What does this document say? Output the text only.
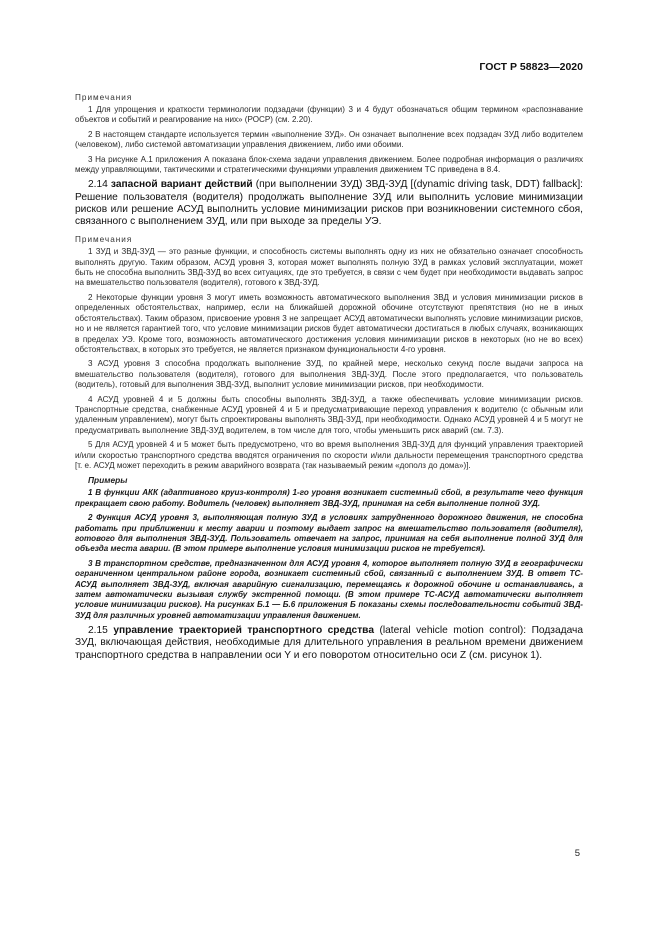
ГОСТ Р 58823—2020
Примечания

1 Для упрощения и краткости терминологии подзадачи (функции) 3 и 4 будут обозначаться общим термином «распознавание объектов и событий и реагирование на них» (РОСР) (см. 2.20).

2 В настоящем стандарте используется термин «выполнение ЗУД». Он означает выполнение всех подзадач ЗУД либо водителем (человеком), либо системой автоматизации управления движением, либо ими обоими.

3 На рисунке А.1 приложения А показана блок-схема задачи управления движением. Более подробная информация о различиях между управляющими, тактическими и стратегическими функциями управления движением ТС приведена в 8.4.

2.14 запасной вариант действий (при выполнении ЗУД) ЗВД-ЗУД [(dynamic driving task, DDT) fallback]: Решение пользователя (водителя) продолжать выполнение ЗУД или выполнить условие минимизации рисков или решение АСУД выполнить условие минимизации рисков при возникновении системного сбоя, связанного с выполнением ЗУД, или при выходе за пределы УЭ.

Примечания

1 ЗУД и ЗВД-ЗУД — это разные функции, и способность системы выполнять одну из них не обязательно означает способность выполнять другую. Таким образом, АСУД уровня 3, которая может выполнять полную ЗУД в рамках условий эксплуатации, может быть не способна выполнить ЗВД-ЗУД во всех ситуациях, где это требуется, в связи с чем будет при необходимости выдавать запрос на вмешательство пользователя (водителя), готового к ЗВД-ЗУД.

2 Некоторые функции уровня 3 могут иметь возможность автоматического выполнения ЗВД и условия минимизации рисков в определенных обстоятельствах, например, если на ближайшей дорожной обочине отсутствуют препятствия (но не в иных обстоятельствах). Таким образом, присвоение уровня 3 не запрещает АСУД автоматически выполнять условие минимизации рисков, но и не является гарантией того, что условие минимизации рисков будет автоматически достигаться в любых случаях, возникающих в пределах УЭ. Кроме того, возможность автоматического достижения условия минимизации рисков в некоторых (но не во всех) обстоятельствах, в которых это требуется, не является признаком функциональности 4-го уровня.

3 АСУД уровня 3 способна продолжать выполнение ЗУД, по крайней мере, несколько секунд после выдачи запроса на вмешательство пользователя (водителя), готового для выполнения ЗВД-ЗУД. После этого предполагается, что пользователь (водитель), готовый для выполнения ЗВД-ЗУД, выполнит условие минимизации рисков, при необходимости.

4 АСУД уровней 4 и 5 должны быть способны выполнять ЗВД-ЗУД, а также обеспечивать условие минимизации рисков. Транспортные средства, снабженные АСУД уровней 4 и 5 и предусматривающие переход управления к водителю (с обычным или удаленным управлением), могут быть спроектированы выполнять ЗВД-ЗУД, при необходимости. Однако АСУД уровней 4 и 5 могут не предусматривать выполнение ЗВД-ЗУД водителем, в том числе для того, чтобы уменьшить риск аварий (см. 7.3).

5 Для АСУД уровней 4 и 5 может быть предусмотрено, что во время выполнения ЗВД-ЗУД для функций управления траекторией и/или скоростью транспортного средства вводятся ограничения по скорости и/или дальности перемещения транспортного средства [т. е. АСУД может переходить в режим аварийного возврата (так называемый режим «дополз до дома»)].

Примеры

1 В функции АКК (адаптивного круиз-контроля) 1-го уровня возникает системный сбой, в результате чего функция прекращает свою работу. Водитель (человек) выполняет ЗВД-ЗУД, принимая на себя выполнение полной ЗУД.

2 Функция АСУД уровня 3, выполняющая полную ЗУД в условиях затрудненного дорожного движения, не способна работать при приближении к месту аварии и поэтому выдает запрос на вмешательство пользователя (водителя), готового для выполнения ЗВД-ЗУД. Пользователь отвечает на запрос, принимая на себя выполнение полной ЗУД для объезда места аварии. (В этом примере выполнение условия минимизации рисков не требуется).

3 В транспортном средстве, предназначенном для АСУД уровня 4, которое выполняет полную ЗУД в географически ограниченном центральном районе города, возникает системный сбой, связанный с выполнением ЗУД. В ответ ТС-АСУД выполняет ЗВД-ЗУД, включая аварийную сигнализацию, перемещаясь к дорожной обочине и останавливаясь, а затем автоматически вызывая службу экстренной помощи. (В этом примере ТС-АСУД автоматически выполняет условие минимизации рисков). На рисунках Б.1 — Б.6 приложения Б показаны схемы последовательности событий ЗВД-ЗУД для различных уровней автоматизации управления движением.

2.15 управление траекторией транспортного средства (lateral vehicle motion control): Подзадача ЗУД, включающая действия, необходимые для длительного управления в реальном времени движением транспортного средства в направлении оси Y и его поворотом относительно оси Z (см. рисунок 1).

5
